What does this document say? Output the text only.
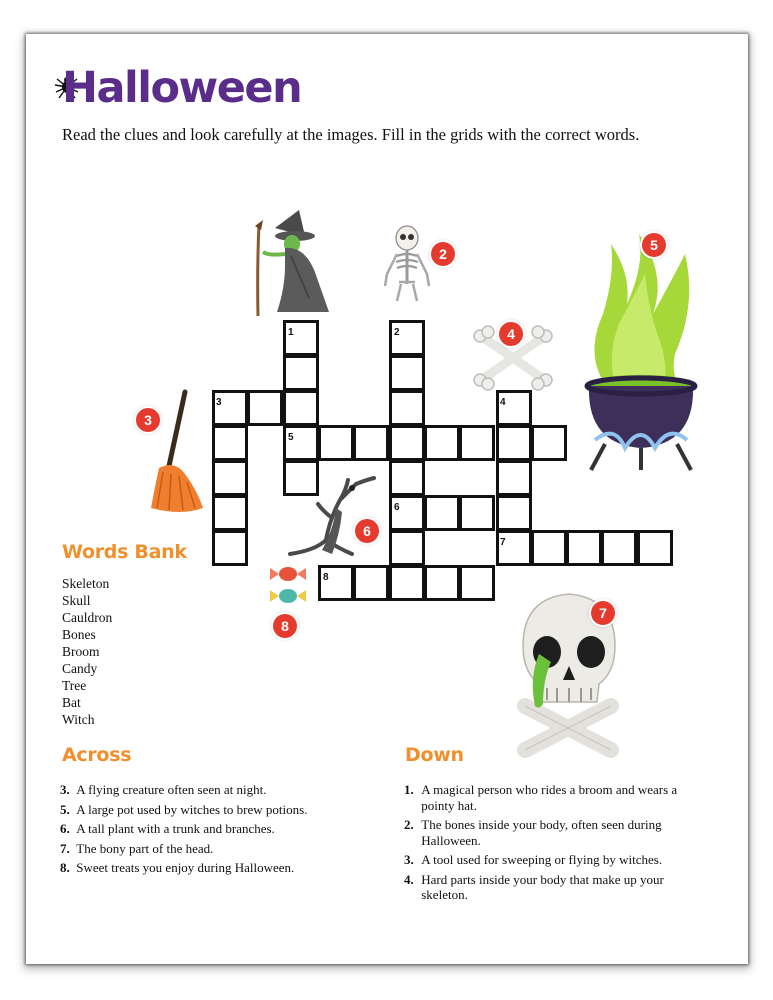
Halloween

Read the clues and look carefully at the images. Fill in the grids with the correct words.

1	2
3	4
5
6
7
8
2
3
4
5
6
7
8
Words Bank
Skeleton
Skull
Cauldron
Bones
Broom
Candy
Tree
Bat
Witch
Across
3.
A flying creature often seen at night.
5.
A large pot used by witches to brew potions.
6.
A tall plant with a trunk and branches.
7.
The bony part of the head.
8.
Sweet treats you enjoy during Halloween.
Down
1.
A magical person who rides a broom and wears a pointy hat.
2.
The bones inside your body, often seen during Halloween.
3.
A tool used for sweeping or flying by witches.
4.
Hard parts inside your body that make up your skeleton.
